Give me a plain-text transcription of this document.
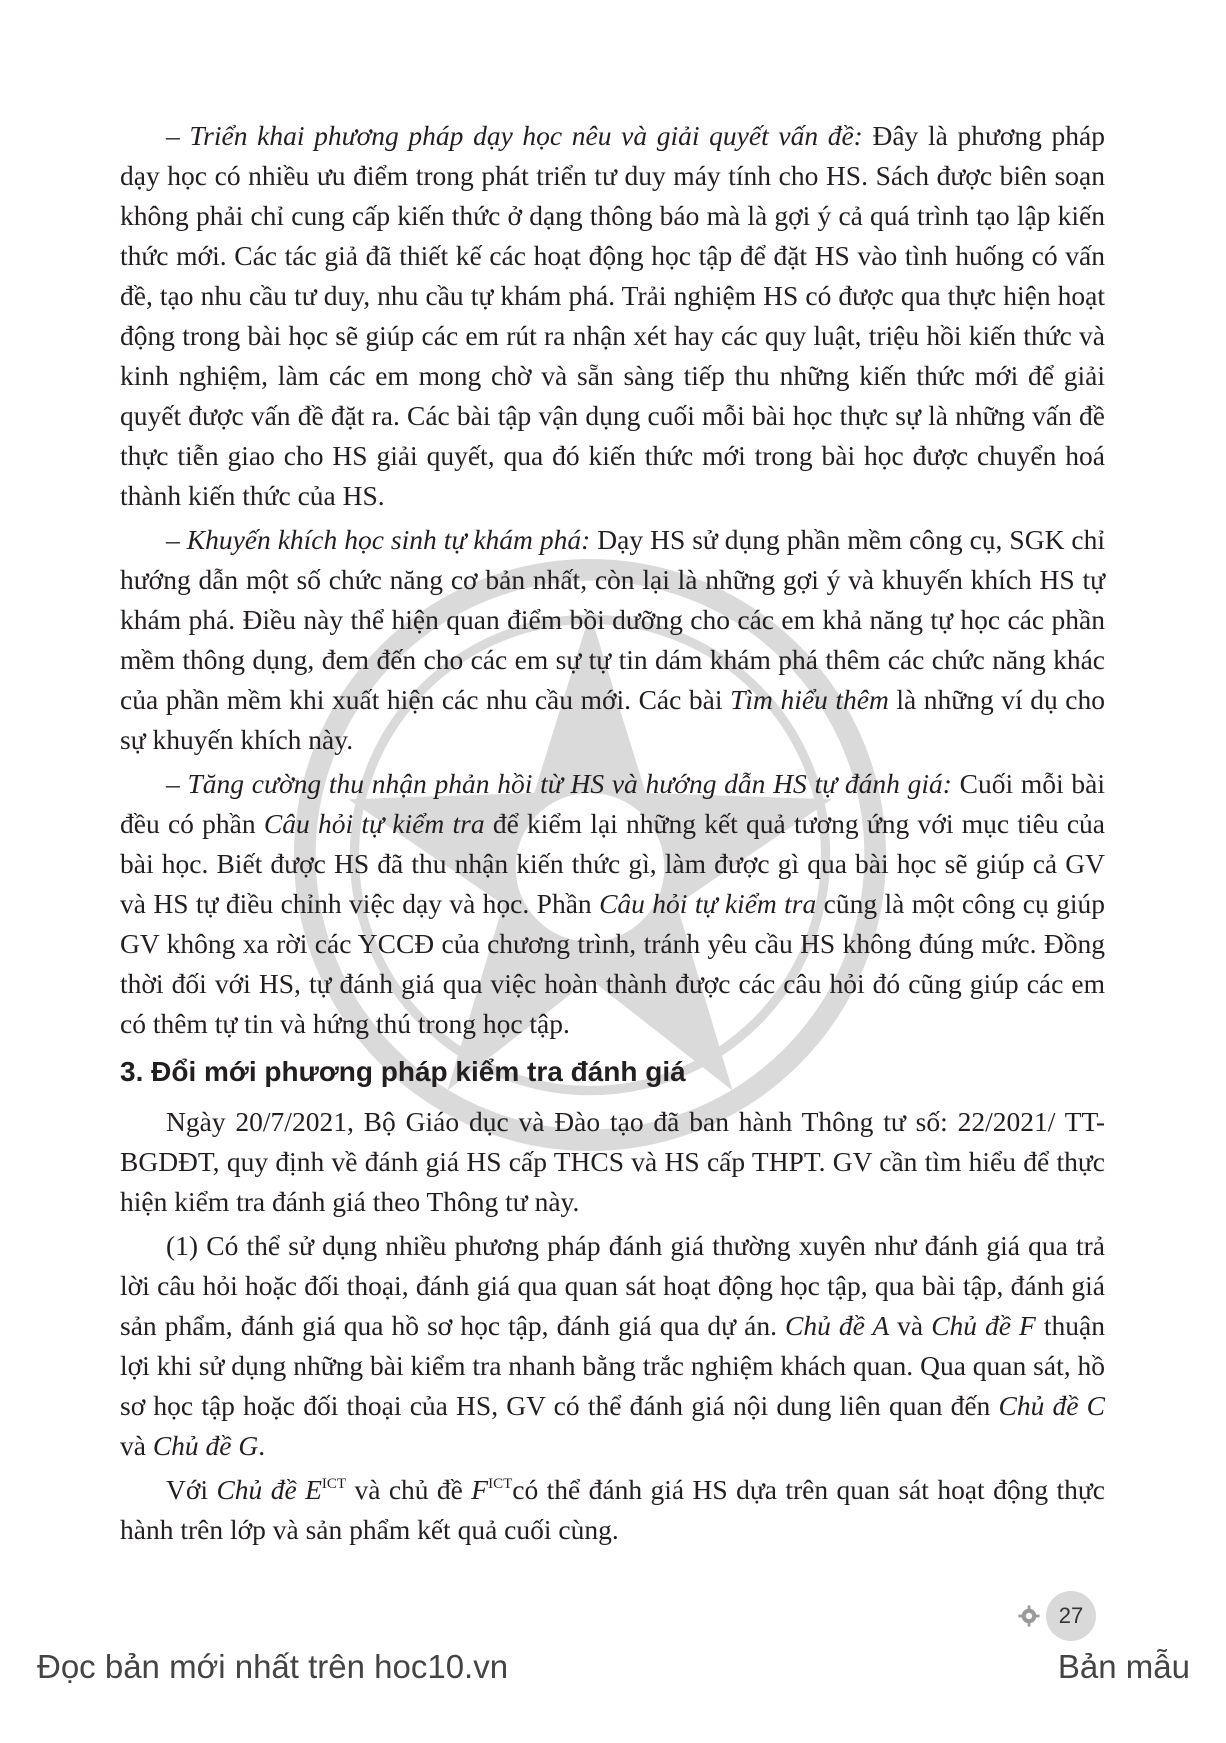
– Triển khai phương pháp dạy học nêu và giải quyết vấn đề: Đây là phương pháp dạy học có nhiều ưu điểm trong phát triển tư duy máy tính cho HS. Sách được biên soạn không phải chỉ cung cấp kiến thức ở dạng thông báo mà là gợi ý cả quá trình tạo lập kiến thức mới. Các tác giả đã thiết kế các hoạt động học tập để đặt HS vào tình huống có vấn đề, tạo nhu cầu tư duy, nhu cầu tự khám phá. Trải nghiệm HS có được qua thực hiện hoạt động trong bài học sẽ giúp các em rút ra nhận xét hay các quy luật, triệu hồi kiến thức và kinh nghiệm, làm các em mong chờ và sẵn sàng tiếp thu những kiến thức mới để giải quyết được vấn đề đặt ra. Các bài tập vận dụng cuối mỗi bài học thực sự là những vấn đề thực tiễn giao cho HS giải quyết, qua đó kiến thức mới trong bài học được chuyển hoá thành kiến thức của HS.

– Khuyến khích học sinh tự khám phá: Dạy HS sử dụng phần mềm công cụ, SGK chỉ hướng dẫn một số chức năng cơ bản nhất, còn lại là những gợi ý và khuyến khích HS tự khám phá. Điều này thể hiện quan điểm bồi dưỡng cho các em khả năng tự học các phần mềm thông dụng, đem đến cho các em sự tự tin dám khám phá thêm các chức năng khác của phần mềm khi xuất hiện các nhu cầu mới. Các bài Tìm hiểu thêm là những ví dụ cho sự khuyến khích này.

– Tăng cường thu nhận phản hồi từ HS và hướng dẫn HS tự đánh giá: Cuối mỗi bài đều có phần Câu hỏi tự kiểm tra để kiểm lại những kết quả tương ứng với mục tiêu của bài học. Biết được HS đã thu nhận kiến thức gì, làm được gì qua bài học sẽ giúp cả GV và HS tự điều chỉnh việc dạy và học. Phần Câu hỏi tự kiểm tra cũng là một công cụ giúp GV không xa rời các YCCĐ của chương trình, tránh yêu cầu HS không đúng mức. Đồng thời đối với HS, tự đánh giá qua việc hoàn thành được các câu hỏi đó cũng giúp các em có thêm tự tin và hứng thú trong học tập.

3. Đổi mới phương pháp kiểm tra đánh giá

Ngày 20/7/2021, Bộ Giáo dục và Đào tạo đã ban hành Thông tư số: 22/2021/ TT-BGDĐT, quy định về đánh giá HS cấp THCS và HS cấp THPT. GV cần tìm hiểu để thực hiện kiểm tra đánh giá theo Thông tư này.

(1) Có thể sử dụng nhiều phương pháp đánh giá thường xuyên như đánh giá qua trả lời câu hỏi hoặc đối thoại, đánh giá qua quan sát hoạt động học tập, qua bài tập, đánh giá sản phẩm, đánh giá qua hồ sơ học tập, đánh giá qua dự án. Chủ đề A và Chủ đề F thuận lợi khi sử dụng những bài kiểm tra nhanh bằng trắc nghiệm khách quan. Qua quan sát, hồ sơ học tập hoặc đối thoại của HS, GV có thể đánh giá nội dung liên quan đến Chủ đề C và Chủ đề G.

Với Chủ đề $E^{ICT}$ và chủ đề $F^{ICT}có$ thể đánh giá HS dựa trên quan sát hoạt động thực hành trên lớp và sản phẩm kết quả cuối cùng.

27
Đọc bản mới nhất trên hoc10.vn	Bản mẫu
